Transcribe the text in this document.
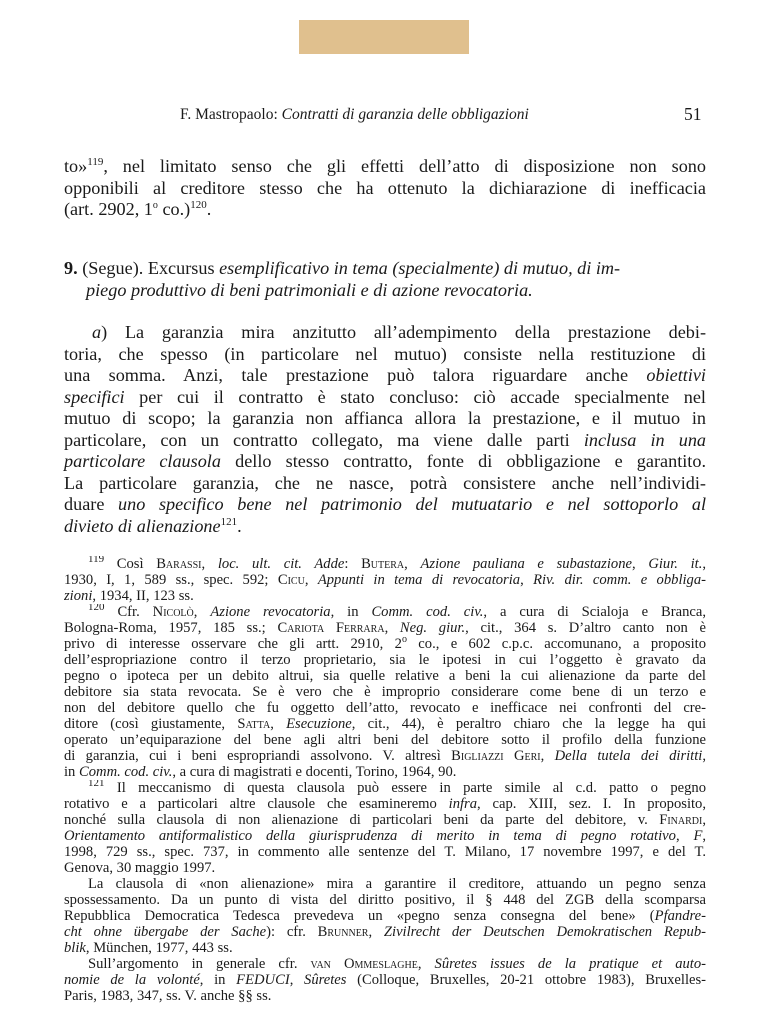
F. Mastropaolo: Contratti di garanzia delle obbligazioni	51
to»$^{119}$, nel limitato senso che gli effetti dell’atto di disposizione non sono
opponibili al creditore stesso che ha ottenuto la dichiarazione di inefficacia
(art. 2902, 1$^o$ co.)$^{120}$.
9. (Segue). Excursus esemplificativo in tema (specialmente) di mutuo, di im-
piego produttivo di beni patrimoniali e di azione revocatoria.
a) La garanzia mira anzitutto all’adempimento della prestazione debi-
toria, che spesso (in particolare nel mutuo) consiste nella restituzione di
una somma. Anzi, tale prestazione può talora riguardare anche obiettivi
specifici per cui il contratto è stato concluso: ciò accade specialmente nel
mutuo di scopo; la garanzia non affianca allora la prestazione, e il mutuo in
particolare, con un contratto collegato, ma viene dalle parti inclusa in una
particolare clausola dello stesso contratto, fonte di obbligazione e garantito.
La particolare garanzia, che ne nasce, potrà consistere anche nell’individi-
duare uno specifico bene nel patrimonio del mutuatario e nel sottoporlo al
divieto di alienazione$^{121}$.
$^{119}$ Così Barassi, loc. ult. cit. Adde: Butera, Azione pauliana e subastazione, Giur. it.,
1930, I, 1, 589 ss., spec. 592; Cicu, Appunti in tema di revocatoria, Riv. dir. comm. e obbliga-
zioni, 1934, II, 123 ss.
$^{120}$ Cfr. Nicolò, Azione revocatoria, in Comm. cod. civ., a cura di Scialoja e Branca,
Bologna-Roma, 1957, 185 ss.; Cariota Ferrara, Neg. giur., cit., 364 s. D’altro canto non è
privo di interesse osservare che gli artt. 2910, 2$^o$ co., e 602 c.p.c. accomunano, a proposito
dell’espropriazione contro il terzo proprietario, sia le ipotesi in cui l’oggetto è gravato da
pegno o ipoteca per un debito altrui, sia quelle relative a beni la cui alienazione da parte del
debitore sia stata revocata. Se è vero che è improprio considerare come bene di un terzo e
non del debitore quello che fu oggetto dell’atto, revocato e inefficace nei confronti del cre-
ditore (così giustamente, Satta, Esecuzione, cit., 44), è peraltro chiaro che la legge ha qui
operato un’equiparazione del bene agli altri beni del debitore sotto il profilo della funzione
di garanzia, cui i beni espropriandi assolvono. V. altresì Bigliazzi Geri, Della tutela dei diritti,
in Comm. cod. civ., a cura di magistrati e docenti, Torino, 1964, 90.
$^{121}$ Il meccanismo di questa clausola può essere in parte simile al c.d. patto o pegno
rotativo e a particolari altre clausole che esamineremo infra, cap. XIII, sez. I. In proposito,
nonché sulla clausola di non alienazione di particolari beni da parte del debitore, v. Finardi,
Orientamento antiformalistico della giurisprudenza di merito in tema di pegno rotativo, F,
1998, 729 ss., spec. 737, in commento alle sentenze del T. Milano, 17 novembre 1997, e del T.
Genova, 30 maggio 1997.
La clausola di «non alienazione» mira a garantire il creditore, attuando un pegno senza
spossessamento. Da un punto di vista del diritto positivo, il § 448 del ZGB della scomparsa
Repubblica Democratica Tedesca prevedeva un «pegno senza consegna del bene» (Pfandre-
cht ohne übergabe der Sache): cfr. Brunner, Zivilrecht der Deutschen Demokratischen Repub-
blik, München, 1977, 443 ss.
Sull’argomento in generale cfr. van Ommeslaghe, Sûretes issues de la pratique et auto-
nomie de la volonté, in FEDUCI, Sûretes (Colloque, Bruxelles, 20-21 ottobre 1983), Bruxelles-
Paris, 1983, 347, ss. V. anche §§ ss.
